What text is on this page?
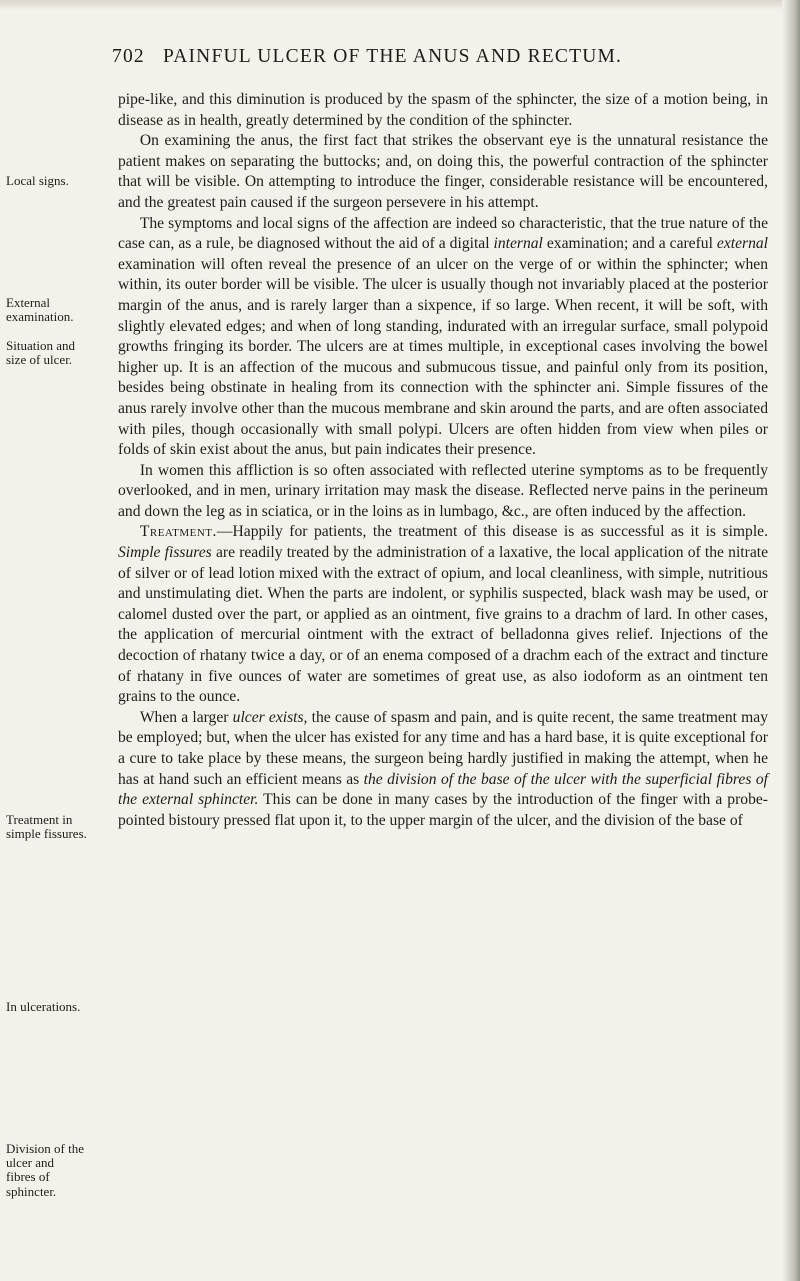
702 PAINFUL ULCER OF THE ANUS AND RECTUM.
Local signs.
External examination.
Situation and size of ulcer.
Treatment in simple fissures.
In ulcerations.
Division of the ulcer and fibres of sphincter.

pipe-like, and this diminution is produced by the spasm of the sphincter, the size of a motion being, in disease as in health, greatly determined by the condition of the sphincter.

On examining the anus, the first fact that strikes the observant eye is the unnatural resistance the patient makes on separating the buttocks; and, on doing this, the powerful contraction of the sphincter that will be visible. On attempting to introduce the finger, considerable resistance will be encountered, and the greatest pain caused if the surgeon persevere in his attempt.

The symptoms and local signs of the affection are indeed so characteristic, that the true nature of the case can, as a rule, be diagnosed without the aid of a digital internal examination; and a careful external examination will often reveal the presence of an ulcer on the verge of or within the sphincter; when within, its outer border will be visible. The ulcer is usually though not invariably placed at the posterior margin of the anus, and is rarely larger than a sixpence, if so large. When recent, it will be soft, with slightly elevated edges; and when of long standing, indurated with an irregular surface, small polypoid growths fringing its border. The ulcers are at times multiple, in exceptional cases involving the bowel higher up. It is an affection of the mucous and submucous tissue, and painful only from its position, besides being obstinate in healing from its connection with the sphincter ani. Simple fissures of the anus rarely involve other than the mucous membrane and skin around the parts, and are often associated with piles, though occasionally with small polypi. Ulcers are often hidden from view when piles or folds of skin exist about the anus, but pain indicates their presence.

In women this affliction is so often associated with reflected uterine symptoms as to be frequently overlooked, and in men, urinary irritation may mask the disease. Reflected nerve pains in the perineum and down the leg as in sciatica, or in the loins as in lumbago, &c., are often induced by the affection.

Treatment.—Happily for patients, the treatment of this disease is as successful as it is simple. Simple fissures are readily treated by the administration of a laxative, the local application of the nitrate of silver or of lead lotion mixed with the extract of opium, and local cleanliness, with simple, nutritious and unstimulating diet. When the parts are indolent, or syphilis suspected, black wash may be used, or calomel dusted over the part, or applied as an ointment, five grains to a drachm of lard. In other cases, the application of mercurial ointment with the extract of belladonna gives relief. Injections of the decoction of rhatany twice a day, or of an enema composed of a drachm each of the extract and tincture of rhatany in five ounces of water are sometimes of great use, as also iodoform as an ointment ten grains to the ounce.

When a larger ulcer exists, the cause of spasm and pain, and is quite recent, the same treatment may be employed; but, when the ulcer has existed for any time and has a hard base, it is quite exceptional for a cure to take place by these means, the surgeon being hardly justified in making the attempt, when he has at hand such an efficient means as the division of the base of the ulcer with the superficial fibres of the external sphincter. This can be done in many cases by the introduction of the finger with a probe-pointed bistoury pressed flat upon it, to the upper margin of the ulcer, and the division of the base of
